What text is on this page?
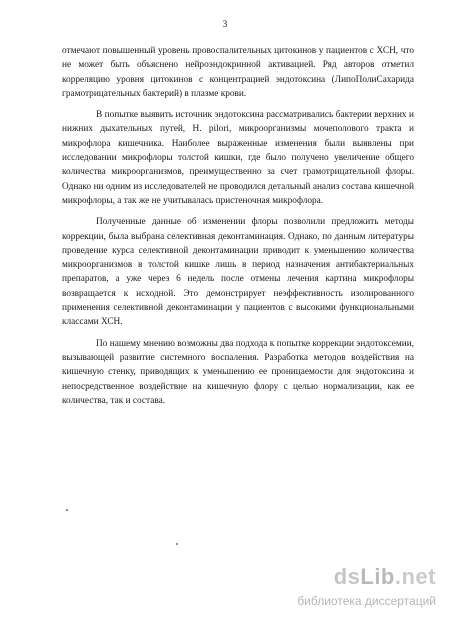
3

отмечают повышенный уровень провоспалительных цитокинов у пациентов с ХСН, что не может быть объяснено нейроэндокринной активацией. Ряд авторов отметил корреляцию уровня цитокинов с концентрацией эндотоксина (ЛипоПолиСахарида грамотрицательных бактерий) в плазме крови.

В попытке выявить источник эндотоксина рассматривались бактерии верхних и нижних дыхательных путей, H. pilori, микроорганизмы мочеполового тракта и микрофлора кишечника. Наиболее выраженные изменения были выявлены при исследовании микрофлоры толстой кишки, где было получено увеличение общего количества микроорганизмов, преимущественно за счет грамотрицательной флоры. Однако ни одним из исследователей не проводился детальный анализ состава кишечной микрофлоры, а так же не учитывалась пристеночная микрофлора.

Полученные данные об изменении флоры позволили предложить методы коррекции, была выбрана селективная деконтаминация. Однако, по данным литературы проведение курса селективной деконтаминации приводит к уменьшению количества микроорганизмов в толстой кишке лишь в период назначения антибактериальных препаратов, а уже через 6 недель после отмены лечения картина микрофлоры возвращается к исходной. Это демонстрирует неэффективность изолированного применения селективной деконтаминации у пациентов с высокими функциональными классами ХСН.

По нашему мнению возможны два подхода к попытке коррекции эндотоксемии, вызывающей развитие системного воспаления. Разработка методов воздействия на кишечную стенку, приводящих к уменьшению ее проницаемости для эндотоксина и непосредственное воздействие на кишечную флору с целью нормализации, как ее количества, так и состава.

dsLib.net
библиотека диссертаций
